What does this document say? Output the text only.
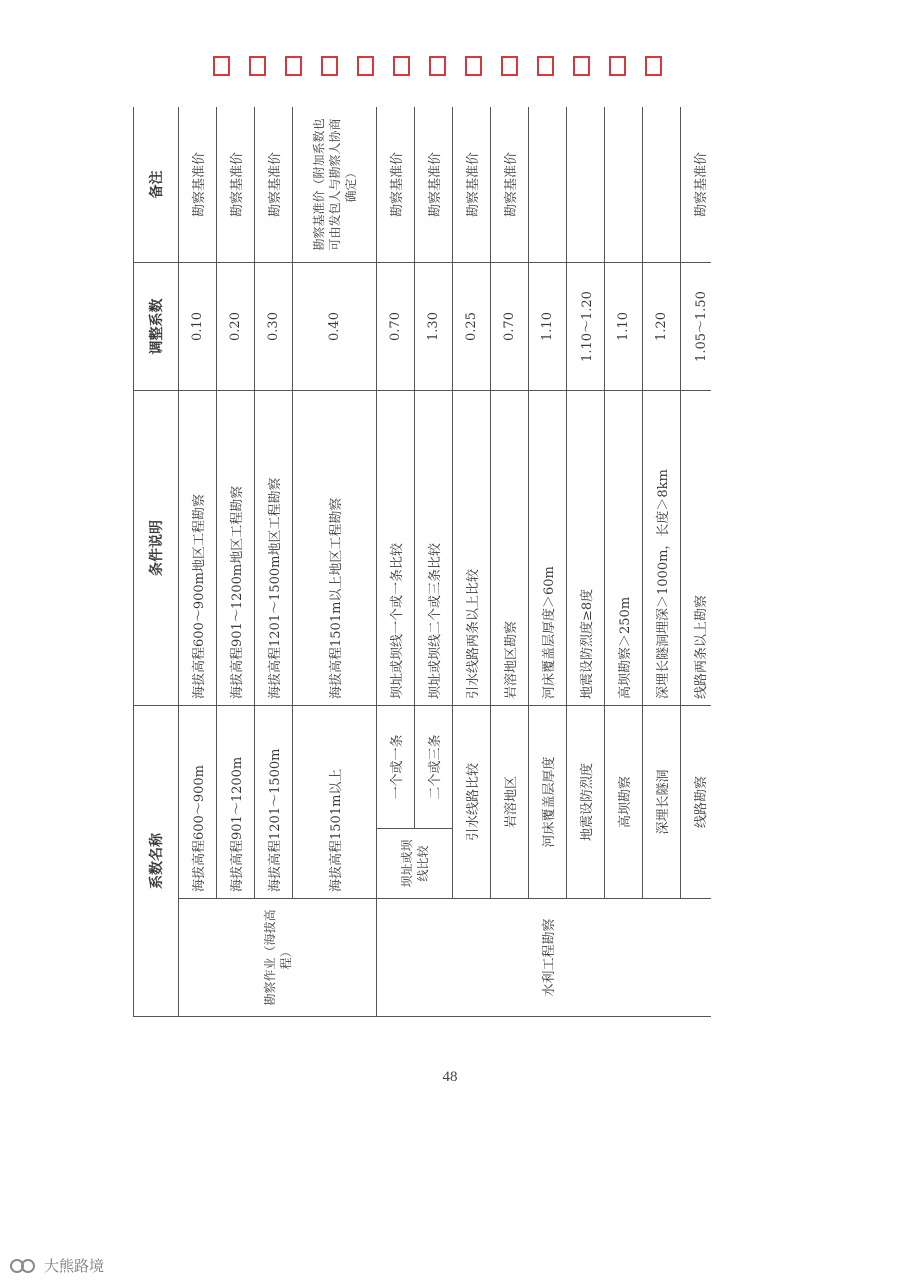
系数名称			条件说明	调整系数	备注
勘察作业（海拔高程）	海拔高程600～900m		海拔高程600～900m地区工程勘察	0.10	勘察基准价
	海拔高程901～1200m		海拔高程901～1200m地区工程勘察	0.20	勘察基准价
	海拔高程1201～1500m		海拔高程1201～1500m地区工程勘察	0.30	勘察基准价
	海拔高程1501m以上		海拔高程1501m以上地区工程勘察	0.40	勘察基准价（附加系数也可由发包人与勘察人协商确定）
水利工程勘察	坝址或坝线比较	一个或一条	坝址或坝线一个或一条比较	0.70	勘察基准价
		二个或三条	坝址或坝线二个或三条比较	1.30	勘察基准价
	引水线路比较		引水线路两条以上比较	0.25	勘察基准价
	岩溶地区		岩溶地区勘察	0.70	勘察基准价
	河床覆盖层厚度		河床覆盖层厚度＞60m	1.10	
	地震设防烈度		地震设防烈度≥8度	1.10～1.20	
	高坝勘察		高坝勘察＞250m	1.10	
	深埋长隧洞		深埋长隧洞埋深＞1000m，长度＞8km	1.20	
	线路勘察		线路两条以上勘察	1.05～1.50	勘察基准价
48
大熊路境
